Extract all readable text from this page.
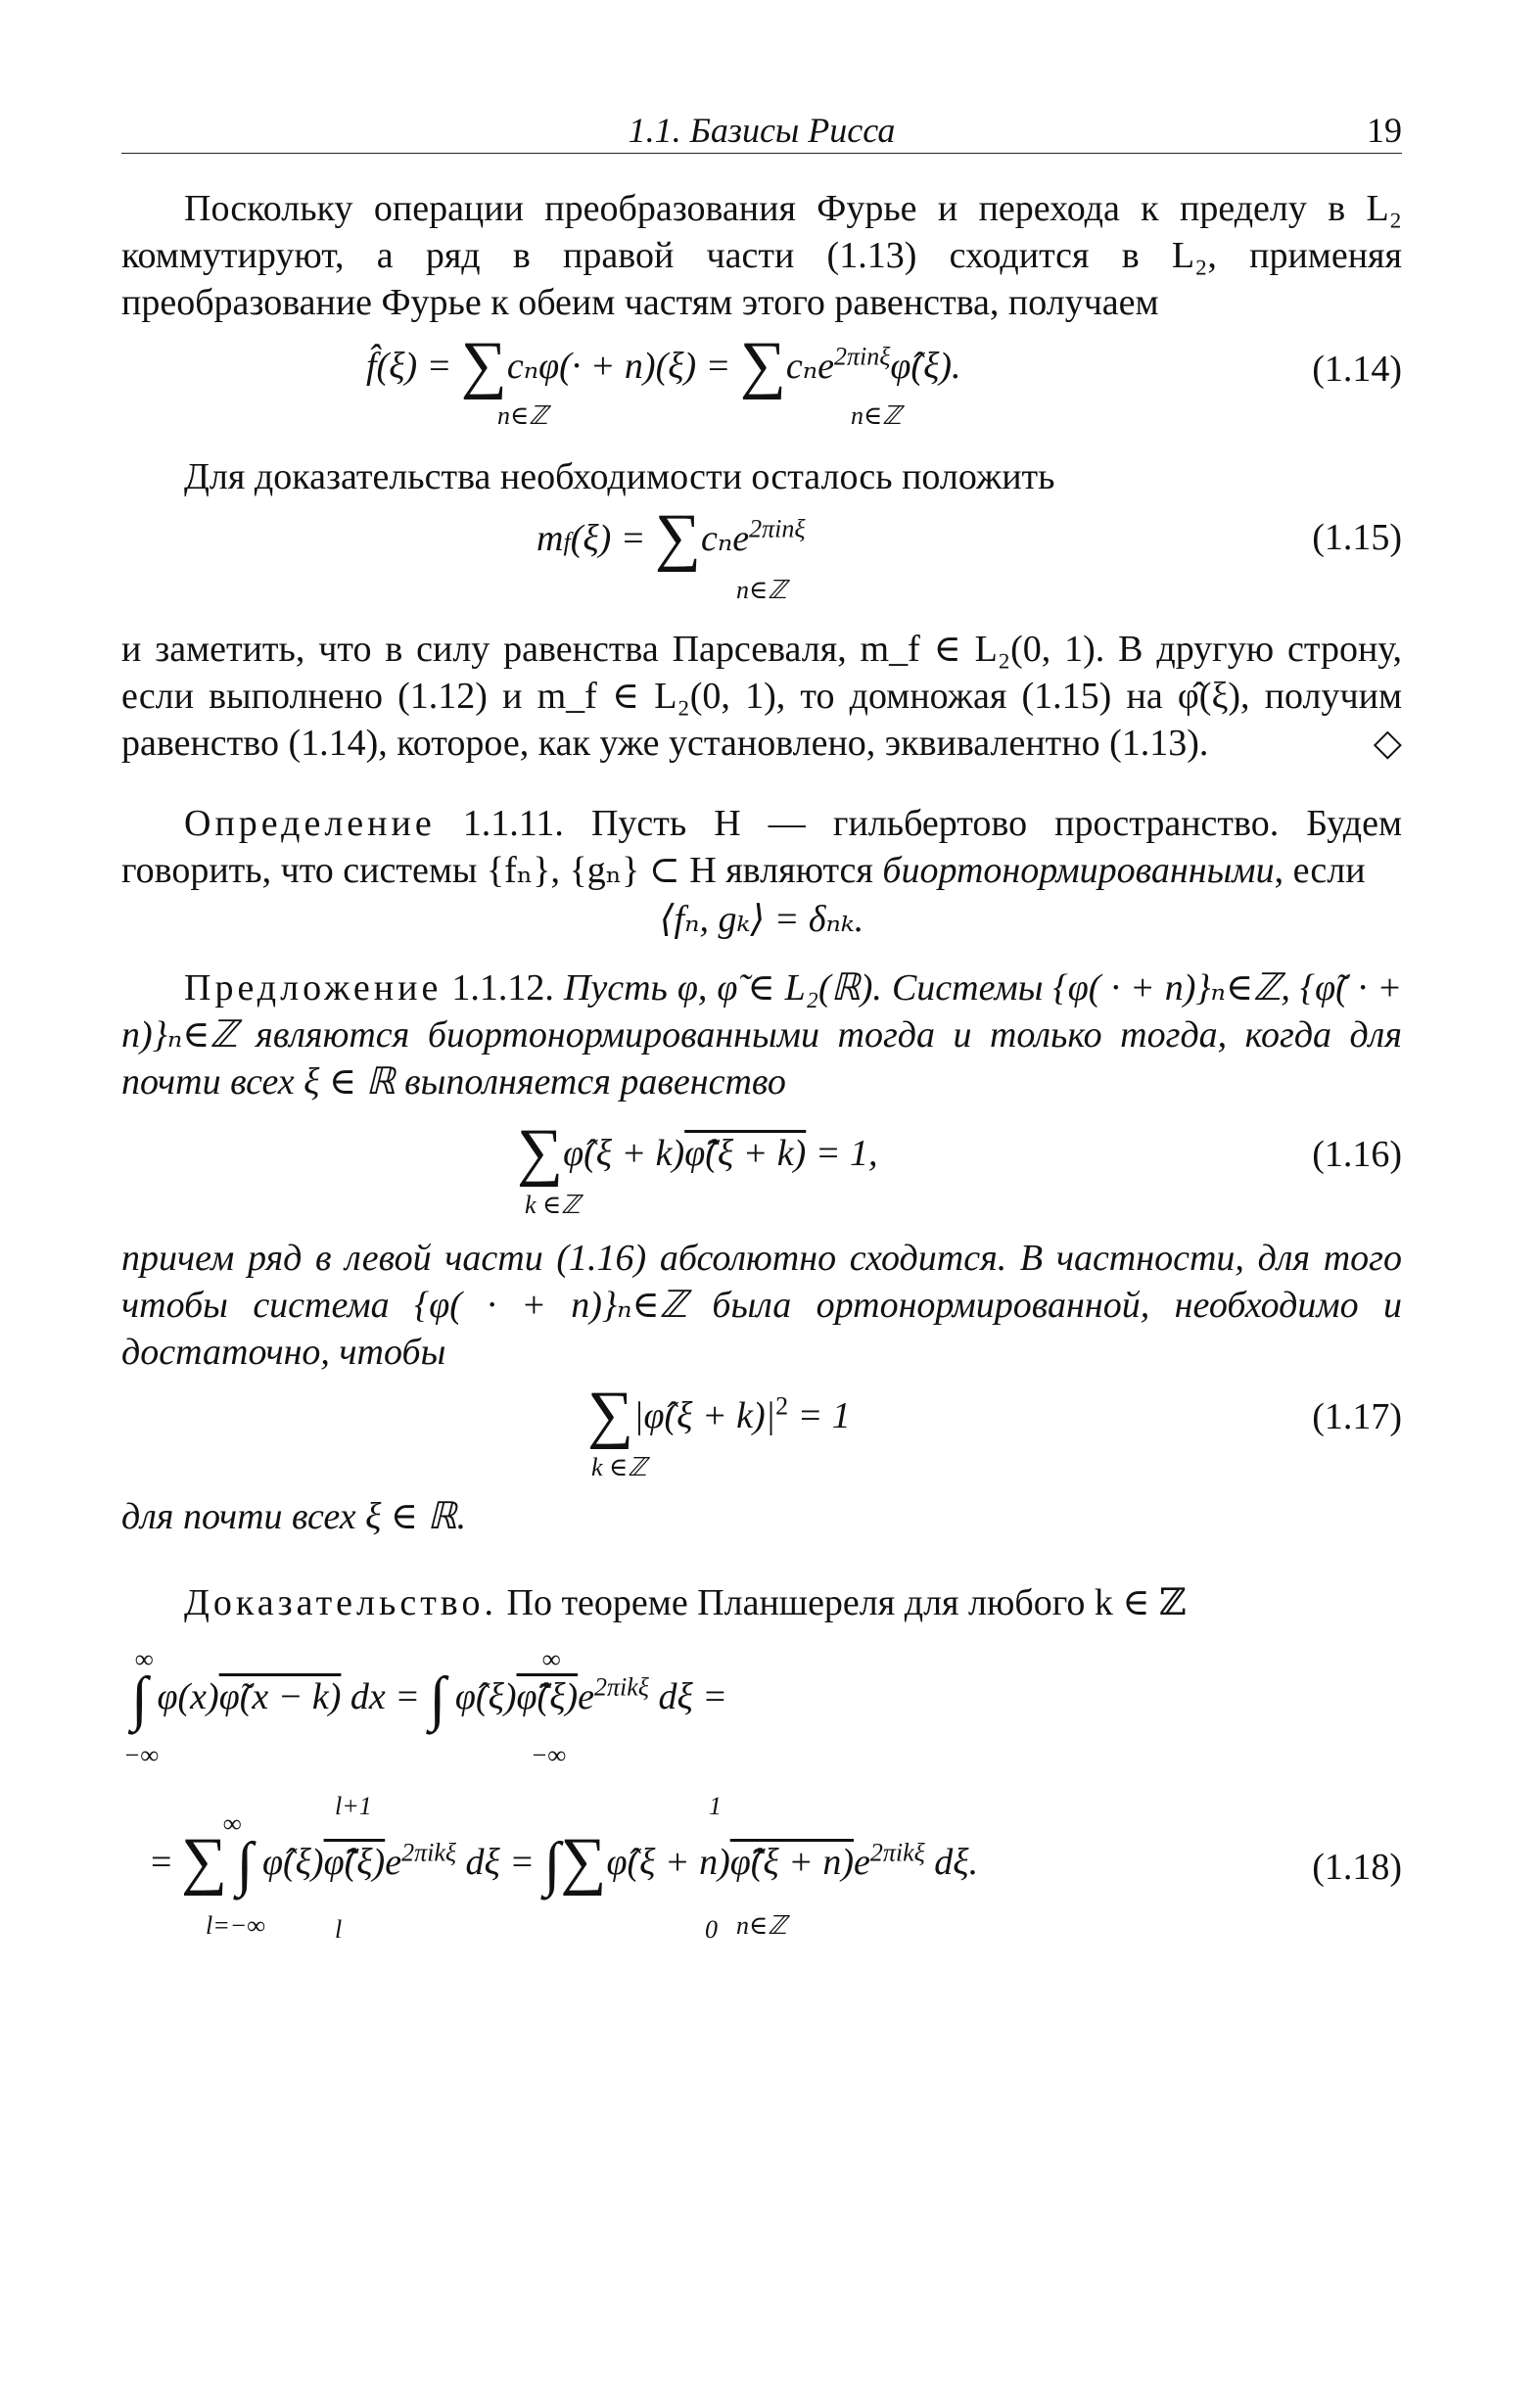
1.1. Базисы Рисса	19

Поскольку операции преобразования Фурье и перехода к пределу в L₂ коммутируют, а ряд в правой части (1.13) сходится в L₂, применяя преобразование Фурье к обеим частям этого равенства, получаем

f̂(ξ) = ∑cₙφ(· + n)(ξ) = ∑cₙe$^{2\pi in\xi}$φ̂(ξ).
n∈ℤ	n∈ℤ
(1.14)

Для доказательства необходимости осталось положить

mf(ξ) = ∑cₙe$^{2\pi in\xi}$
n∈ℤ
(1.15)

и заметить, что в силу равенства Парсеваля, m_f ∈ L₂(0, 1). В другую строну, если выполнено (1.12) и m_f ∈ L₂(0, 1), то домножая (1.15) на φ̂(ξ), получим равенство (1.14), которое, как уже установлено, эквивалентно (1.13).	◇

Определение 1.1.11. Пусть H — гильбертово пространство. Будем говорить, что системы {fₙ}, {gₙ} ⊂ H являются биортонормированными, если

⟨fₙ, gₖ⟩ = δₙₖ.

Предложение 1.1.12. Пусть φ, φ̃ ∈ L₂(ℝ). Системы {φ( · + n)}ₙ∈ℤ, {φ̃( · + n)}ₙ∈ℤ являются биортонормированными тогда и только тогда, когда для почти всех ξ ∈ ℝ выполняется равенство

∑φ̂(ξ + k)φ̃̂(ξ + k) = 1,
k ∈ℤ
(1.16)

причем ряд в левой части (1.16) абсолютно сходится. В частности, для того чтобы система {φ( · + n)}ₙ∈ℤ была ортонормированной, необходимо и достаточно, чтобы

∑|φ̂(ξ + $k)|^2 = 1$
k ∈ℤ
(1.17)

для почти всех ξ ∈ ℝ.

Доказательство. По теореме Планшереля для любого k ∈ ℤ

∞
−∞
∫ φ(x)φ̃(x − k) dx = ∫ $\varphî(\xi)\varphĩ̂(\xi)e^{2\pi ik\xi}$ dξ =
∞
−∞
∞
l=−∞
l+1
l
1
0 n∈ℤ
= ∑ ∫ $\varphî(\xi)\varphĩ̂(\xi)e^{2\pi ik\xi}$ dξ = ∫∑φ̂(ξ + n)φ̃̂(ξ + $n)e^{2\pi ik\xi}$ dξ.	(1.18)
